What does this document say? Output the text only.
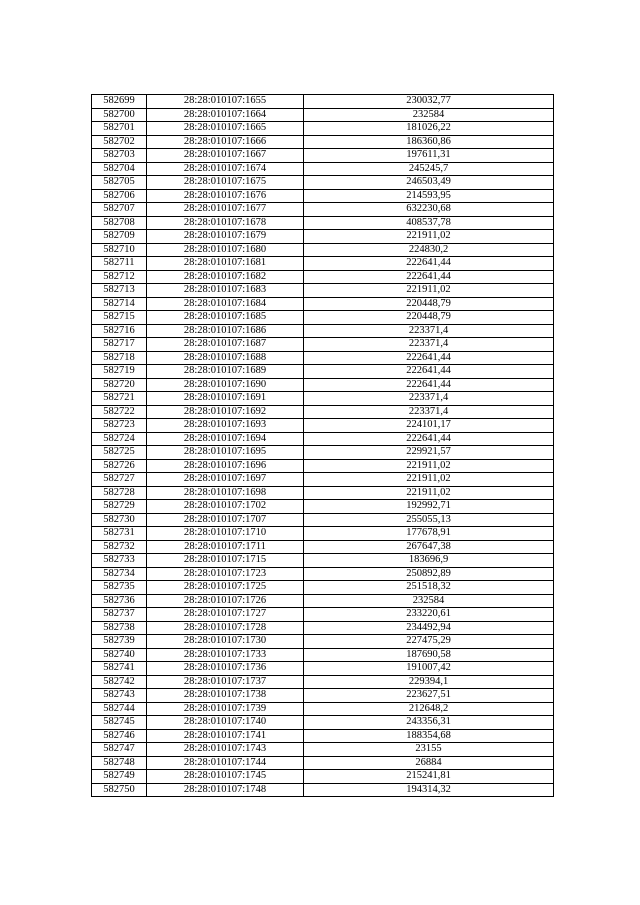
582699	28:28:010107:1655	230032,77
582700	28:28:010107:1664	232584
582701	28:28:010107:1665	181026,22
582702	28:28:010107:1666	186360,86
582703	28:28:010107:1667	197611,31
582704	28:28:010107:1674	245245,7
582705	28:28:010107:1675	246503,49
582706	28:28:010107:1676	214593,95
582707	28:28:010107:1677	632230,68
582708	28:28:010107:1678	408537,78
582709	28:28:010107:1679	221911,02
582710	28:28:010107:1680	224830,2
582711	28:28:010107:1681	222641,44
582712	28:28:010107:1682	222641,44
582713	28:28:010107:1683	221911,02
582714	28:28:010107:1684	220448,79
582715	28:28:010107:1685	220448,79
582716	28:28:010107:1686	223371,4
582717	28:28:010107:1687	223371,4
582718	28:28:010107:1688	222641,44
582719	28:28:010107:1689	222641,44
582720	28:28:010107:1690	222641,44
582721	28:28:010107:1691	223371,4
582722	28:28:010107:1692	223371,4
582723	28:28:010107:1693	224101,17
582724	28:28:010107:1694	222641,44
582725	28:28:010107:1695	229921,57
582726	28:28:010107:1696	221911,02
582727	28:28:010107:1697	221911,02
582728	28:28:010107:1698	221911,02
582729	28:28:010107:1702	192992,71
582730	28:28:010107:1707	255055,13
582731	28:28:010107:1710	177678,91
582732	28:28:010107:1711	267647,38
582733	28:28:010107:1715	183696,9
582734	28:28:010107:1723	250892,89
582735	28:28:010107:1725	251518,32
582736	28:28:010107:1726	232584
582737	28:28:010107:1727	233220,61
582738	28:28:010107:1728	234492,94
582739	28:28:010107:1730	227475,29
582740	28:28:010107:1733	187690,58
582741	28:28:010107:1736	191007,42
582742	28:28:010107:1737	229394,1
582743	28:28:010107:1738	223627,51
582744	28:28:010107:1739	212648,2
582745	28:28:010107:1740	243356,31
582746	28:28:010107:1741	188354,68
582747	28:28:010107:1743	23155
582748	28:28:010107:1744	26884
582749	28:28:010107:1745	215241,81
582750	28:28:010107:1748	194314,32
